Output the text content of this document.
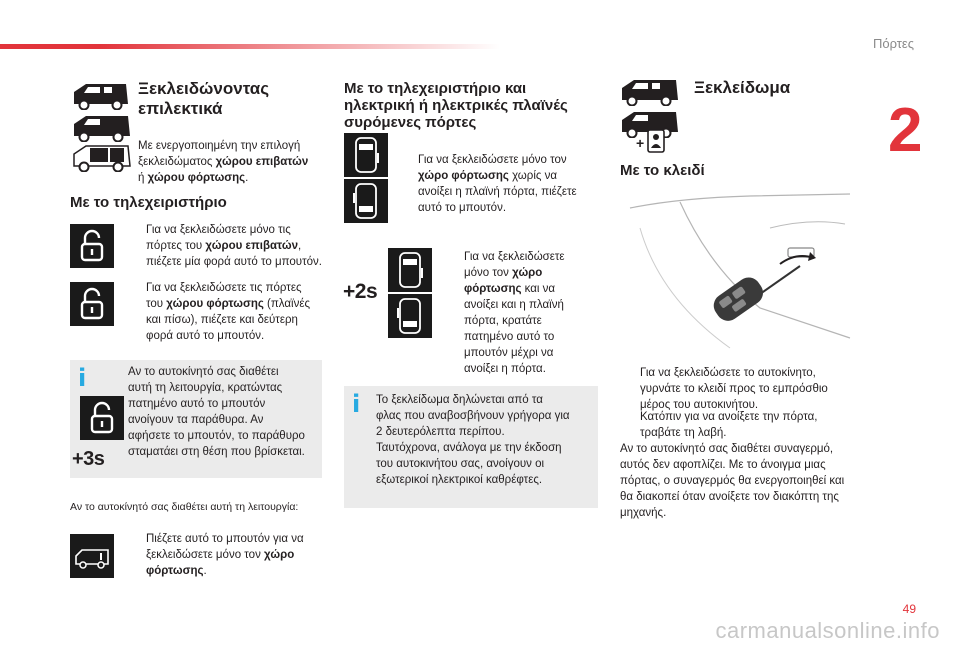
Πόρτες
2
49
carmanualsonline.info
Ξεκλειδώνοντας
επιλεκτικά
Με ενεργοποιημένη την επιλογή
ξεκλειδώματος χώρου επιβατών
ή χώρου φόρτωσης.
Με το τηλεχειριστήριο
Για να ξεκλειδώσετε μόνο τις
πόρτες του χώρου επιβατών,
πιέζετε μία φορά αυτό το μπουτόν.
Για να ξεκλειδώσετε τις πόρτες
του χώρου φόρτωσης (πλαϊνές
και πίσω), πιέζετε και δεύτερη
φορά αυτό το μπουτόν.
i
+3s
Αν το αυτοκίνητό σας διαθέτει
αυτή τη λειτουργία, κρατώντας
πατημένο αυτό το μπουτόν
ανοίγουν τα παράθυρα. Αν
αφήσετε το μπουτόν, το παράθυρο
σταματάει στη θέση που βρίσκεται.
Αν το αυτοκίνητό σας διαθέτει αυτή τη λειτουργία:
Πιέζετε αυτό το μπουτόν για να
ξεκλειδώσετε μόνο τον χώρο
φόρτωσης.
Με το τηλεχειριστήριο και
ηλεκτρική ή ηλεκτρικές πλαϊνές
συρόμενες πόρτες
Για να ξεκλειδώσετε μόνο τον
χώρο φόρτωσης χωρίς να
ανοίξει η πλαϊνή πόρτα, πιέζετε
αυτό το μπουτόν.
+2s
Για να ξεκλειδώσετε
μόνο τον χώρο
φόρτωσης και να
ανοίξει και η πλαϊνή
πόρτα, κρατάτε
πατημένο αυτό το
μπουτόν μέχρι να
ανοίξει η πόρτα.
i Το ξεκλείδωμα δηλώνεται από τα
φλας που αναβοσβήνουν γρήγορα για
2 δευτερόλεπτα περίπου.
Ταυτόχρονα, ανάλογα με την έκδοση
του αυτοκινήτου σας, ανοίγουν οι
εξωτερικοί ηλεκτρικοί καθρέφτες.
+
Ξεκλείδωμα
Με το κλειδί
Για να ξεκλειδώσετε το αυτοκίνητο,
γυρνάτε το κλειδί προς το εμπρόσθιο
μέρος του αυτοκινήτου.
Κατόπιν για να ανοίξετε την πόρτα,
τραβάτε τη λαβή.
Αν το αυτοκίνητό σας διαθέτει συναγερμό,
αυτός δεν αφοπλίζει. Με το άνοιγμα μιας
πόρτας, ο συναγερμός θα ενεργοποιηθεί και
θα διακοπεί όταν ανοίξετε τον διακόπτη της
μηχανής.
